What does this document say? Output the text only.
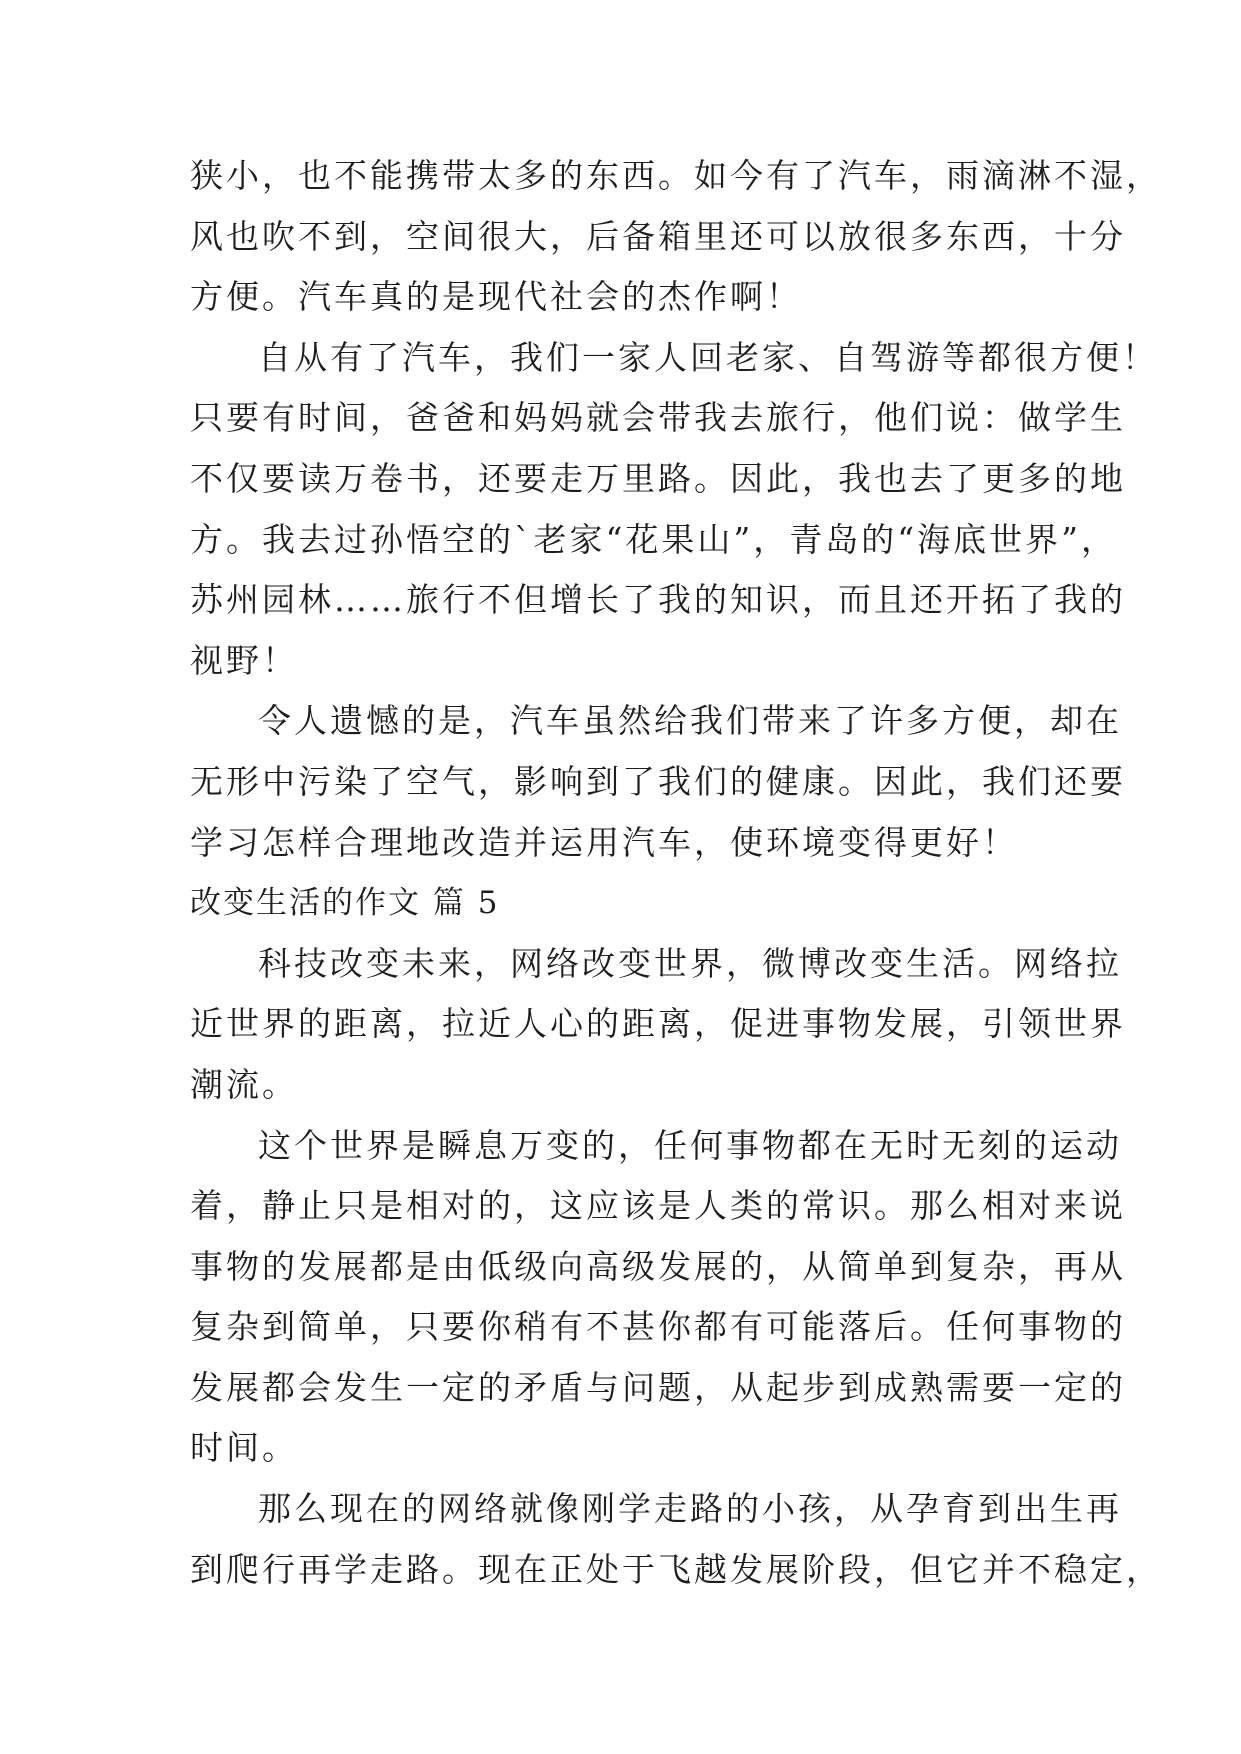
狭小，也不能携带太多的东西。如今有了汽车，雨滴淋不湿，
风也吹不到，空间很大，后备箱里还可以放很多东西，十分
方便。汽车真的是现代社会的杰作啊！
自从有了汽车，我们一家人回老家、自驾游等都很方便！
只要有时间，爸爸和妈妈就会带我去旅行，他们说：做学生
不仅要读万卷书，还要走万里路。因此，我也去了更多的地
方。我去过孙悟空的`老家“花果山”，青岛的“海底世界”，
苏州园林……旅行不但增长了我的知识，而且还开拓了我的
视野！
令人遗憾的是，汽车虽然给我们带来了许多方便，却在
无形中污染了空气，影响到了我们的健康。因此，我们还要
学习怎样合理地改造并运用汽车，使环境变得更好！
改变生活的作文 篇 5
科技改变未来，网络改变世界，微博改变生活。网络拉
近世界的距离，拉近人心的距离，促进事物发展，引领世界
潮流。
这个世界是瞬息万变的，任何事物都在无时无刻的运动
着，静止只是相对的，这应该是人类的常识。那么相对来说
事物的发展都是由低级向高级发展的，从简单到复杂，再从
复杂到简单，只要你稍有不甚你都有可能落后。任何事物的
发展都会发生一定的矛盾与问题，从起步到成熟需要一定的
时间。
那么现在的网络就像刚学走路的小孩，从孕育到出生再
到爬行再学走路。现在正处于飞越发展阶段，但它并不稳定，
